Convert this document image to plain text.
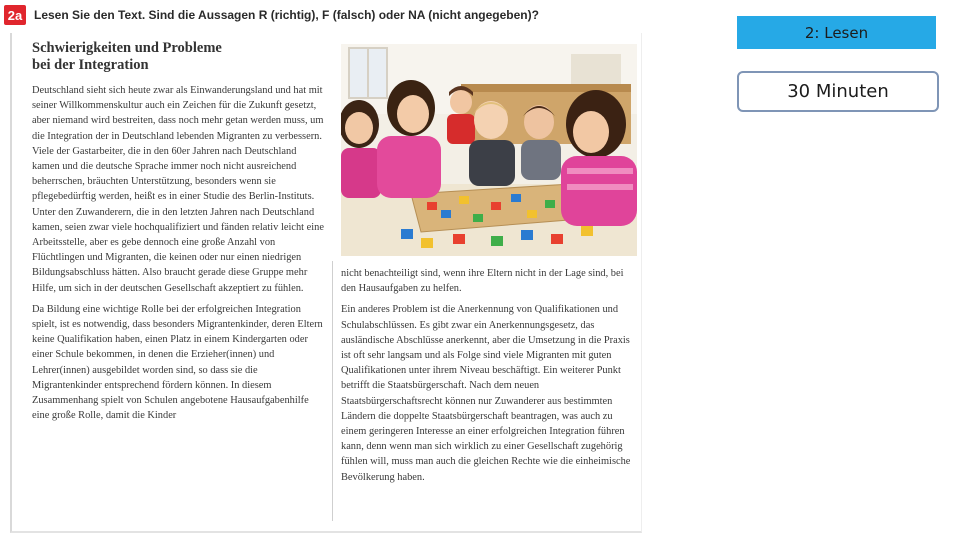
2a Lesen Sie den Text. Sind die Aussagen R (richtig), F (falsch) oder NA (nicht angegeben)?
Schwierigkeiten und Probleme
bei der Integration

Deutschland sieht sich heute zwar als Einwanderungsland und hat mit seiner Willkommenskultur auch ein Zeichen für die Zukunft gesetzt, aber niemand wird bestreiten, dass noch mehr getan werden muss, um die Integration der in Deutschland lebenden Migranten zu verbessern. Viele der Gastarbeiter, die in den 60er Jahren nach Deutschland kamen und die deutsche Sprache immer noch nicht ausreichend beherrschen, bräuchten Unterstützung, besonders wenn sie pflegebedürftig werden, heißt es in einer Studie des Berlin-Instituts. Unter den Zuwanderern, die in den letzten Jahren nach Deutschland kamen, seien zwar viele hochqualifiziert und fänden relativ leicht eine Arbeitsstelle, aber es gebe dennoch eine große Anzahl von Flüchtlingen und Migranten, die keinen oder nur einen niedrigen Bildungsabschluss hätten. Also braucht gerade diese Gruppe mehr Hilfe, um sich in der deutschen Gesellschaft akzeptiert zu fühlen.

Da Bildung eine wichtige Rolle bei der erfolgreichen Integration spielt, ist es notwendig, dass besonders Migrantenkinder, deren Eltern keine Qualifikation haben, einen Platz in einem Kindergarten oder einer Schule bekommen, in denen die Erzieher(innen) und Lehrer(innen) ausgebildet worden sind, so dass sie die Migrantenkinder entsprechend fördern können. In diesem Zusammenhang spielt von Schulen angebotene Hausaufgabenhilfe eine große Rolle, damit die Kinder

nicht benachteiligt sind, wenn ihre Eltern nicht in der Lage sind, bei den Hausaufgaben zu helfen.

Ein anderes Problem ist die Anerkennung von Qualifikationen und Schulabschlüssen. Es gibt zwar ein Anerkennungsgesetz, das ausländische Abschlüsse anerkennt, aber die Umsetzung in die Praxis ist oft sehr langsam und als Folge sind viele Migranten mit guten Qualifikationen unter ihrem Niveau beschäftigt. Ein weiterer Punkt betrifft die Staatsbürgerschaft. Nach dem neuen Staatsbürgerschaftsrecht können nur Zuwanderer aus bestimmten Ländern die doppelte Staatsbürgerschaft beantragen, was auch zu einem geringeren Interesse an einer erfolgreichen Integration führen kann, denn wenn man sich wirklich zu einer Gesellschaft zugehörig fühlen will, muss man auch die gleichen Rechte wie die einheimische Bevölkerung haben.

2: Lesen
30 Minuten
